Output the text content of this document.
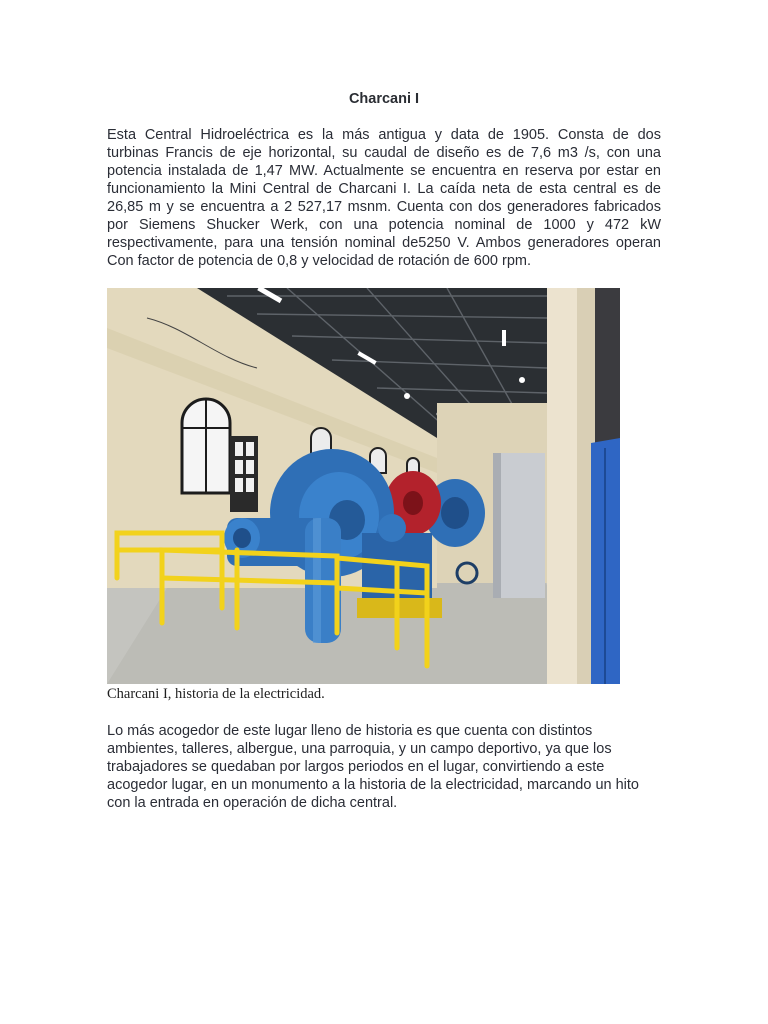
Charcani I

Esta Central Hidroeléctrica es la más antigua y data de 1905. Consta de dos
turbinas Francis de eje horizontal, su caudal de diseño es de 7,6 m3 /s, con una
potencia instalada de 1,47 MW. Actualmente se encuentra en reserva por estar en
funcionamiento la Mini Central de Charcani I. La caída neta de esta central es de
26,85 m y se encuentra a 2 527,17 msnm. Cuenta con dos generadores fabricados
por Siemens Shucker Werk, con una potencia nominal de 1000 y 472 kW
respectivamente, para una tensión nominal de5250 V. Ambos generadores operan
Con factor de potencia de 0,8 y velocidad de rotación de 600 rpm.

Charcani I, historia de la electricidad.

Lo más acogedor de este lugar lleno de historia es que cuenta con distintos
ambientes, talleres, albergue, una parroquia, y un campo deportivo, ya que los
trabajadores se quedaban por largos periodos en el lugar, convirtiendo a este
acogedor lugar, en un monumento a la historia de la electricidad, marcando un hito
con la entrada en operación de dicha central.
